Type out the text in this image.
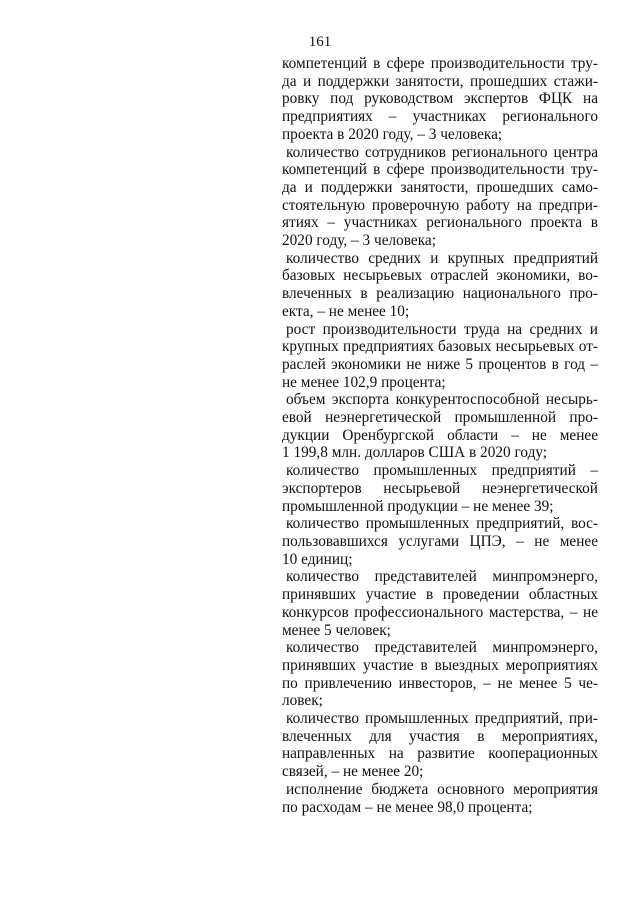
161
компетенций в сфере производительности тру-
да и поддержки занятости, прошедших стажи-
ровку под руководством экспертов ФЦК на
предприятиях – участниках регионального
проекта в 2020 году, – 3 человека;
количество сотрудников регионального центра
компетенций в сфере производительности тру-
да и поддержки занятости, прошедших само-
стоятельную проверочную работу на предпри-
ятиях – участниках регионального проекта в
2020 году, – 3 человека;
количество средних и крупных предприятий
базовых несырьевых отраслей экономики, во-
влеченных в реализацию национального про-
екта, – не менее 10;
рост производительности труда на средних и
крупных предприятиях базовых несырьевых от-
раслей экономики не ниже 5 процентов в год –
не менее 102,9 процента;
объем экспорта конкурентоспособной несырь-
евой неэнергетической промышленной про-
дукции Оренбургской области – не менее
1 199,8 млн. долларов США в 2020 году;
количество промышленных предприятий –
экспортеров несырьевой неэнергетической
промышленной продукции – не менее 39;
количество промышленных предприятий, вос-
пользовавшихся услугами ЦПЭ, – не менее
10 единиц;
количество представителей минпромэнерго,
принявших участие в проведении областных
конкурсов профессионального мастерства, – не
менее 5 человек;
количество представителей минпромэнерго,
принявших участие в выездных мероприятиях
по привлечению инвесторов, – не менее 5 че-
ловек;
количество промышленных предприятий, при-
влеченных для участия в мероприятиях,
направленных на развитие кооперационных
связей, – не менее 20;
исполнение бюджета основного мероприятия
по расходам – не менее 98,0 процента;
